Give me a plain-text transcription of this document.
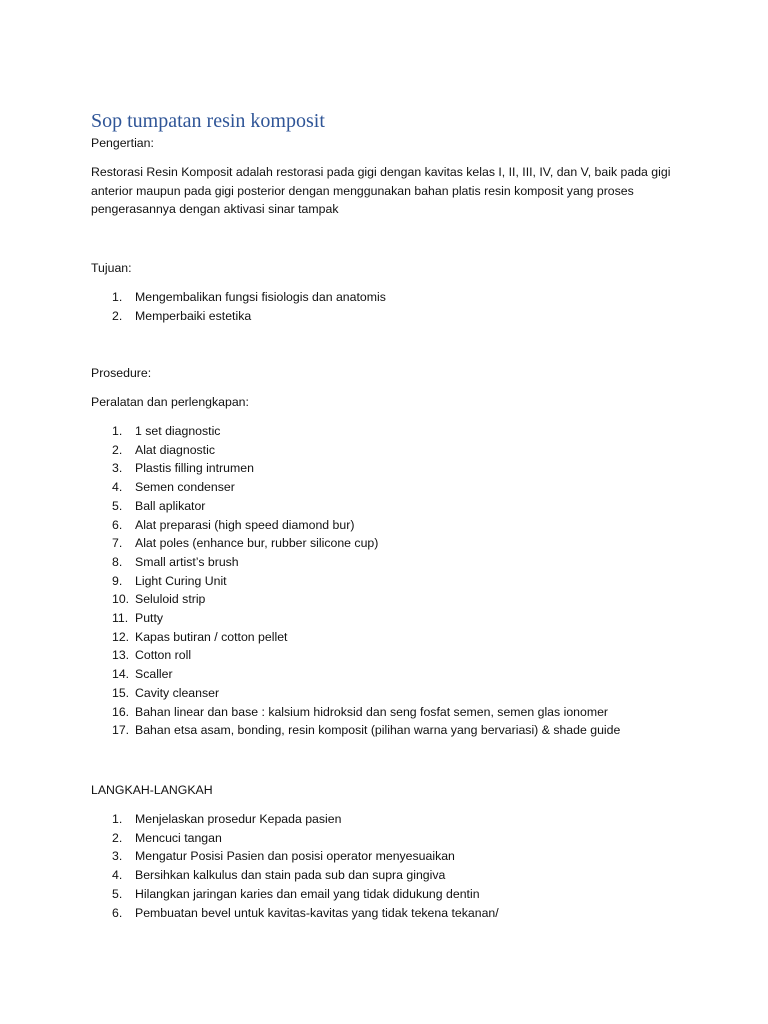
Sop tumpatan resin komposit

Pengertian:

Restorasi Resin Komposit adalah restorasi pada gigi dengan kavitas kelas I, II, III, IV, dan V, baik pada gigi
anterior maupun pada gigi posterior dengan menggunakan bahan platis resin komposit yang proses
pengerasannya dengan aktivasi sinar tampak

Tujuan:

1. Mengembalikan fungsi fisiologis dan anatomis
2. Memperbaiki estetika

Prosedure:

Peralatan dan perlengkapan:

1. 1 set diagnostic
2. Alat diagnostic
3. Plastis filling intrumen
4. Semen condenser
5. Ball aplikator
6. Alat preparasi (high speed diamond bur)
7. Alat poles (enhance bur, rubber silicone cup)
8. Small artist’s brush
9. Light Curing Unit
10. Seluloid strip
11. Putty
12. Kapas butiran / cotton pellet
13. Cotton roll
14. Scaller
15. Cavity cleanser
16. Bahan linear dan base : kalsium hidroksid dan seng fosfat semen, semen glas ionomer
17. Bahan etsa asam, bonding, resin komposit (pilihan warna yang bervariasi) & shade guide

LANGKAH-LANGKAH

1. Menjelaskan prosedur Kepada pasien
2. Mencuci tangan
3. Mengatur Posisi Pasien dan posisi operator menyesuaikan
4. Bersihkan kalkulus dan stain pada sub dan supra gingiva
5. Hilangkan jaringan karies dan email yang tidak didukung dentin
6. Pembuatan bevel untuk kavitas-kavitas yang tidak tekena tekanan/
